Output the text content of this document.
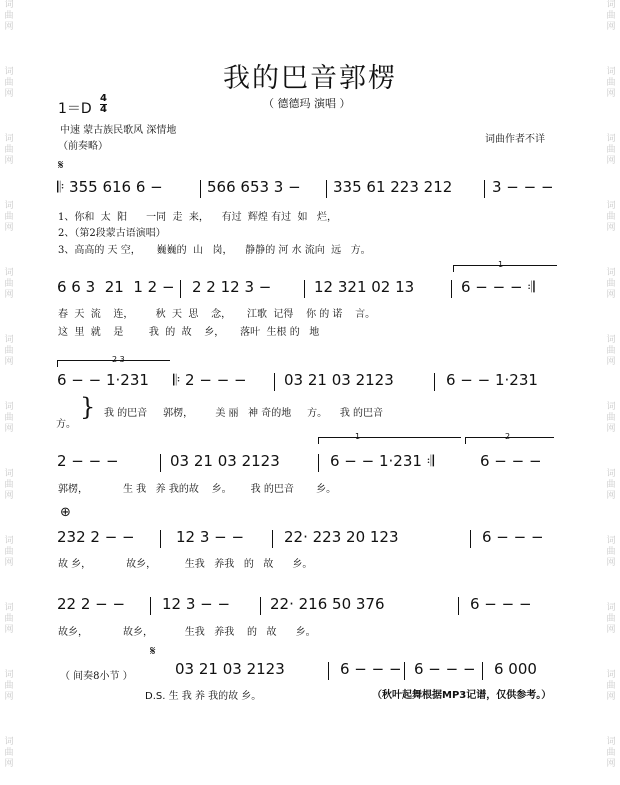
词曲网
词曲网
词曲网
词曲网
词曲网
词曲网
词曲网
词曲网
词曲网
词曲网
词曲网
词曲网
词曲网
词曲网
词曲网
词曲网
词曲网
词曲网
词曲网
词曲网
词曲网
词曲网
词曲网
词曲网
我的巴音郭楞
（ 德德玛 演唱 ）
1＝D
4
4
中速 蒙古族民歌风 深情地
（前奏略）
词曲作者不详
𝄋
𝄆 355 616 6 −	566 653 3 − 335 61 223 212	3 − − −
1、你和  太  阳      一同  走  来，    有过  辉煌 有过  如   烂，
2、（第2段蒙古语演唱）
3、高高的 天 空，     巍巍的  山   岗，    静静的 河 水 流向  远   方。
1
6 6 3  21  1 2 − 2 2 12 3 −	12 321 02 13	6 − − − 𝄇
春  天  流    连，       秋  天  思    念，     江歌  记得    你 的 诺    言。
这  里  就    是        我  的  故    乡，     落叶  生根 的   地
2 3
6 − − 1·231 𝄆 2 − − − 03 21 03 2123	6 − − 1·231
方。
} 我 的巴音     郭楞，       美 丽   神 奇的地     方。    我 的巴音
1	2
2 − − −	03 21 03 2123	6 − − 1·231 𝄇	6 − − −
郭楞，           生 我   养 我的故    乡。      我 的巴音       乡。
⊕
232 2 − −	12 3 − −	22· 223 20 123	6 − − −
故 乡，           故乡，         生我   养我   的   故      乡。
22 2 − − 12 3 − −	22· 216 50 376	6 − − −
故乡，           故乡，          生我   养我    的   故      乡。
（ 间奏8小节 ）
𝄋
03 21 03 2123	6 − − − 6 − − − 6 000
D.S. 生 我 养 我的故 乡。	（秋叶起舞根据MP3记谱，仅供参考。）
